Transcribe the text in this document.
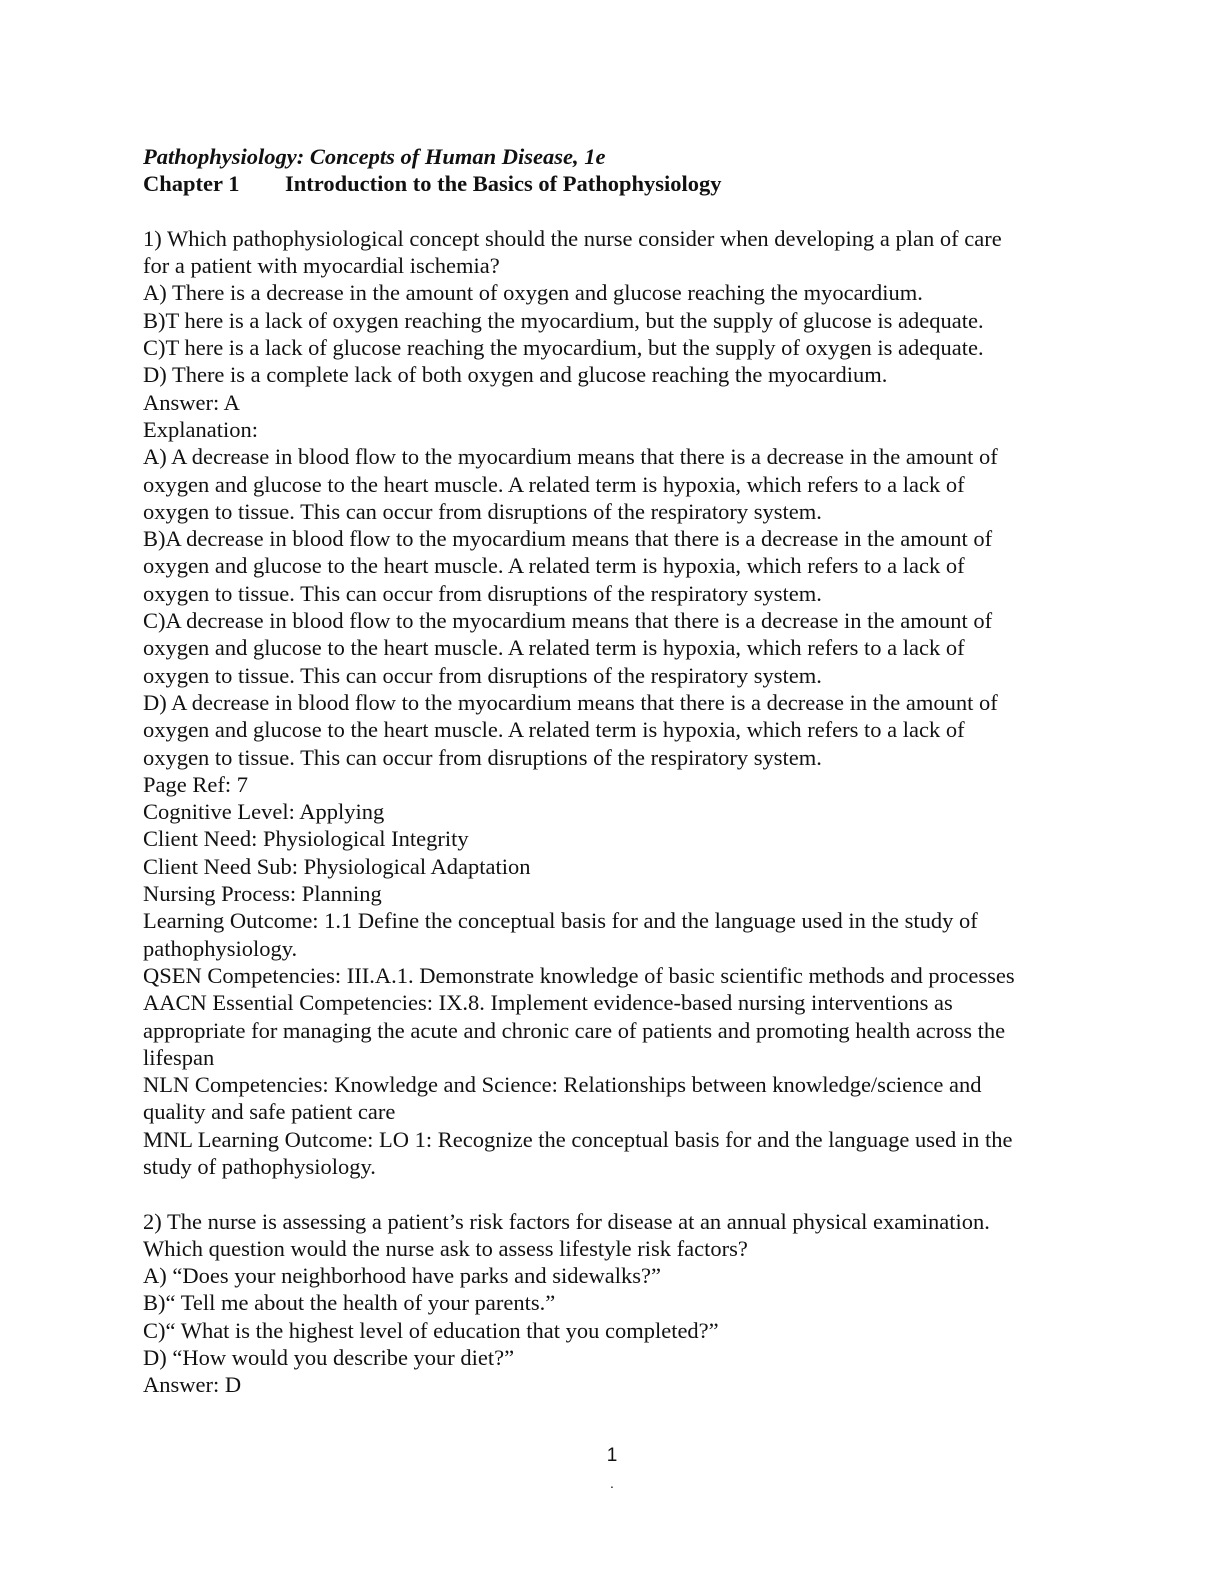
Pathophysiology: Concepts of Human Disease, 1e
Chapter 1 Introduction to the Basics of Pathophysiology
1) Which pathophysiological concept should the nurse consider when developing a plan of care
for a patient with myocardial ischemia?
A) There is a decrease in the amount of oxygen and glucose reaching the myocardium.
B)T here is a lack of oxygen reaching the myocardium, but the supply of glucose is adequate.
C)T here is a lack of glucose reaching the myocardium, but the supply of oxygen is adequate.
D) There is a complete lack of both oxygen and glucose reaching the myocardium.
Answer: A
Explanation:
A) A decrease in blood flow to the myocardium means that there is a decrease in the amount of
oxygen and glucose to the heart muscle. A related term is hypoxia, which refers to a lack of
oxygen to tissue. This can occur from disruptions of the respiratory system.
B)A decrease in blood flow to the myocardium means that there is a decrease in the amount of
oxygen and glucose to the heart muscle. A related term is hypoxia, which refers to a lack of
oxygen to tissue. This can occur from disruptions of the respiratory system.
C)A decrease in blood flow to the myocardium means that there is a decrease in the amount of
oxygen and glucose to the heart muscle. A related term is hypoxia, which refers to a lack of
oxygen to tissue. This can occur from disruptions of the respiratory system.
D) A decrease in blood flow to the myocardium means that there is a decrease in the amount of
oxygen and glucose to the heart muscle. A related term is hypoxia, which refers to a lack of
oxygen to tissue. This can occur from disruptions of the respiratory system.
Page Ref: 7
Cognitive Level: Applying
Client Need: Physiological Integrity
Client Need Sub: Physiological Adaptation
Nursing Process: Planning
Learning Outcome: 1.1 Define the conceptual basis for and the language used in the study of
pathophysiology.
QSEN Competencies: III.A.1. Demonstrate knowledge of basic scientific methods and processes
AACN Essential Competencies: IX.8. Implement evidence-based nursing interventions as
appropriate for managing the acute and chronic care of patients and promoting health across the
lifespan
NLN Competencies: Knowledge and Science: Relationships between knowledge/science and
quality and safe patient care
MNL Learning Outcome: LO 1: Recognize the conceptual basis for and the language used in the
study of pathophysiology.
2) The nurse is assessing a patient’s risk factors for disease at an annual physical examination.
Which question would the nurse ask to assess lifestyle risk factors?
A) “Does your neighborhood have parks and sidewalks?”
B)“ Tell me about the health of your parents.”
C)“ What is the highest level of education that you completed?”
D) “How would you describe your diet?”
Answer: D
1
.
